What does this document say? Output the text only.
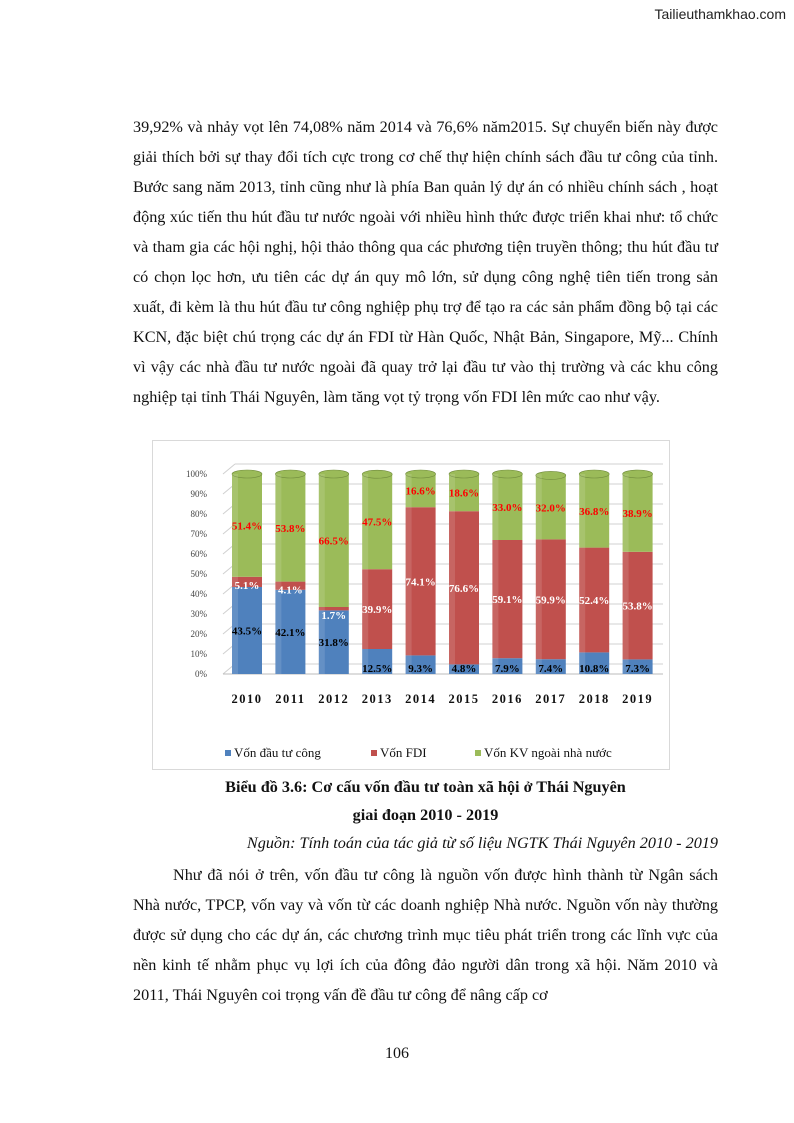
Tailieuthamkhao.com
39,92% và nhảy vọt lên 74,08% năm 2014 và 76,6% năm2015. Sự chuyển biến này được giải thích bởi sự thay đổi tích cực trong cơ chế thự hiện chính sách đầu tư công của tỉnh. Bước sang năm 2013, tỉnh cũng như là phía Ban quản lý dự án có nhiều chính sách , hoạt động xúc tiến thu hút đầu tư nước ngoài với nhiều hình thức được triển khai như: tổ chức và tham gia các hội nghị, hội thảo thông qua các phương tiện truyền thông; thu hút đầu tư có chọn lọc hơn, ưu tiên các dự án quy mô lớn, sử dụng công nghệ tiên tiến trong sản xuất, đi kèm là thu hút đầu tư công nghiệp phụ trợ để tạo ra các sản phẩm đồng bộ tại các KCN, đặc biệt chú trọng các dự án FDI từ Hàn Quốc, Nhật Bản, Singapore, Mỹ... Chính vì vậy các nhà đầu tư nước ngoài đã quay trở lại đầu tư vào thị trường và các khu công nghiệp tại tỉnh Thái Nguyên, làm tăng vọt tỷ trọng vốn FDI lên mức cao như vậy.
0%
10%
20%
30%
40%
50%
60%
70%
80%
90%
100%
43.5%
5.1%
51.4%
2010
42.1%
4.1%
53.8%
2011
31.8%
1.7%
66.5%
2012
12.5%
39.9%
47.5%
2013
9.3%
74.1%
16.6%
2014
4.8%
76.6%
18.6%
2015
7.9%
59.1%
33.0%
2016
7.4%
59.9%
32.0%
2017
10.8%
52.4%
36.8%
2018
7.3%
53.8%
38.9%
2019
Vốn đầu tư công	Vốn FDI	Vốn KV ngoài nhà nước
Biểu đồ 3.6: Cơ cấu vốn đầu tư toàn xã hội ở Thái Nguyên
giai đoạn 2010 - 2019
Nguồn: Tính toán của tác giả từ số liệu NGTK Thái Nguyên 2010 - 2019
Như đã nói ở trên, vốn đầu tư công là nguồn vốn được hình thành từ Ngân sách Nhà nước, TPCP, vốn vay và vốn từ các doanh nghiệp Nhà nước. Nguồn vốn này thường được sử dụng cho các dự án, các chương trình mục tiêu phát triển trong các lĩnh vực của nền kinh tế nhằm phục vụ lợi ích của đông đảo người dân trong xã hội. Năm 2010 và 2011, Thái Nguyên coi trọng vấn đề đầu tư công để nâng cấp cơ
106
